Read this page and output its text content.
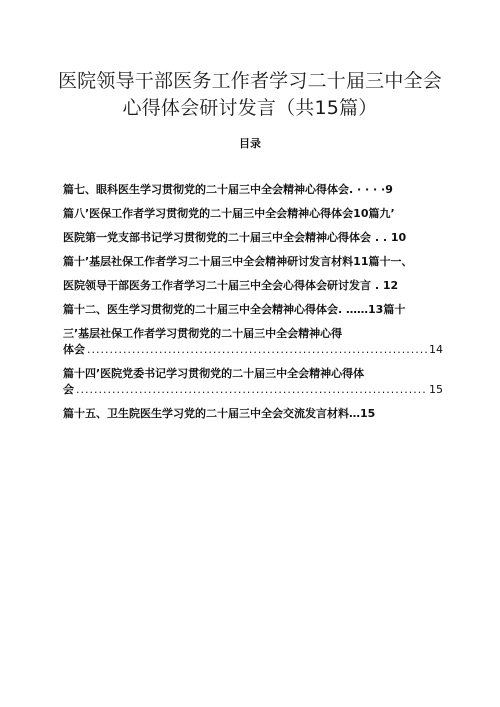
医院领导干部医务工作者学习二十届三中全会
心得体会研讨发言（共15篇）
目录
篇七、眼科医生学习贯彻党的二十届三中全会精神心得体会. · · · ·9
篇八’医保工作者学习贯彻党的二十届三中全会精神心得体会10篇九’
医院第一党支部书记学习贯彻党的二十届三中全会精神心得体会 . . 10
篇十’基层社保工作者学习二十届三中全会精神研讨发言材料11篇十一、
医院领导干部医务工作者学习二十届三中全会心得体会研讨发言 . 12
篇十二、医生学习贯彻党的二十届三中全会精神心得体会. ……13篇十
三’基层社保工作者学习贯彻党的二十届三中全会精神心得
体会 .....	14
篇十四’医院党委书记学习贯彻党的二十届三中全会精神心得体
会 .....	15
篇十五、卫生院医生学习党的二十届三中全会交流发言材料…15
